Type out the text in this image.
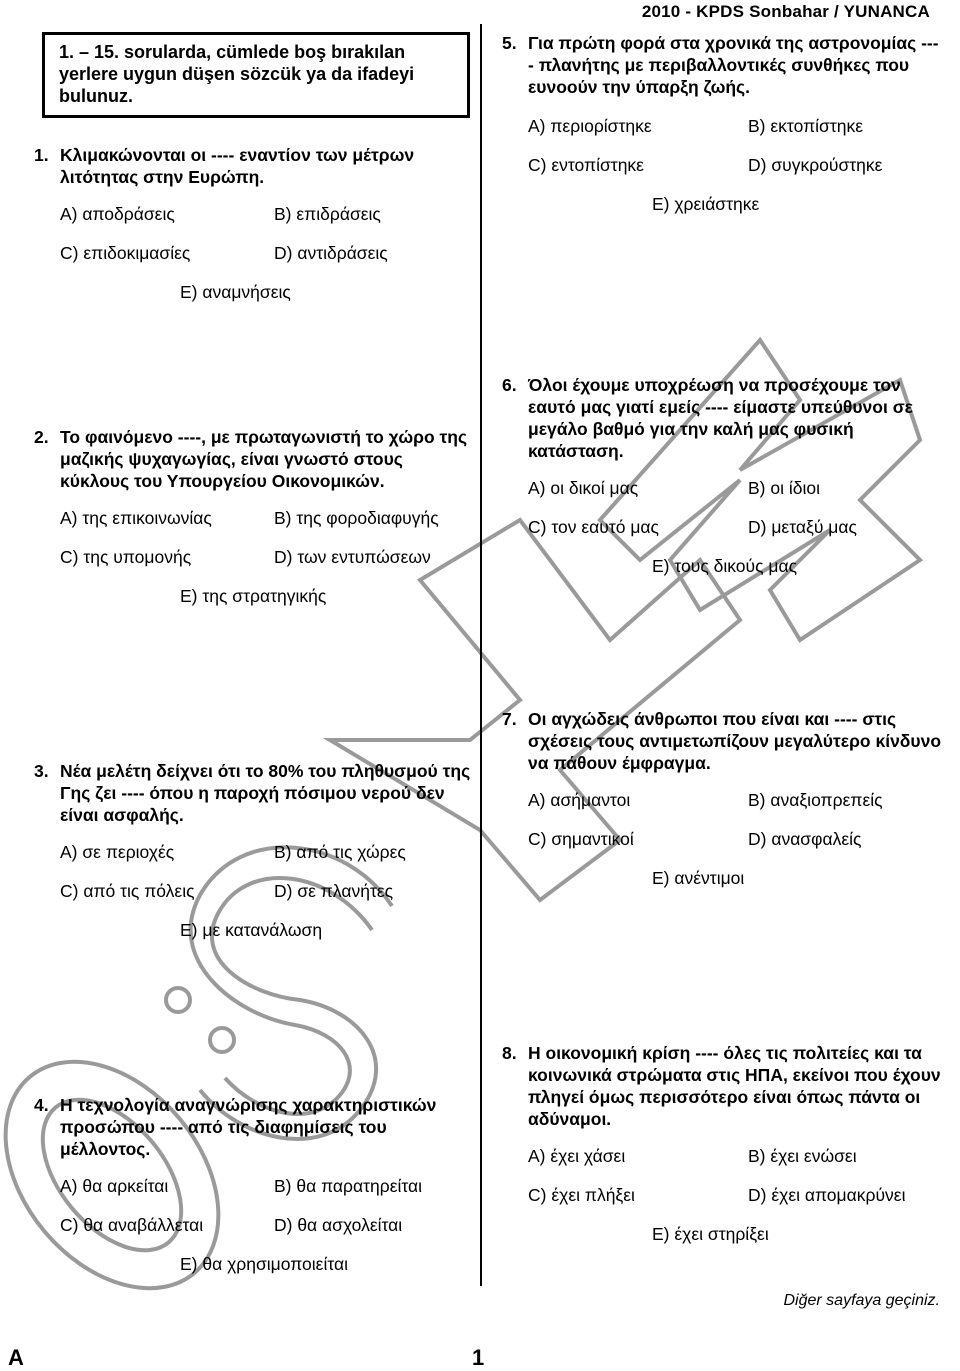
2010 - KPDS Sonbahar / YUNANCA
1. – 15. sorularda, cümlede boş bırakılan yerlere uygun düşen sözcük ya da ifadeyi bulunuz.
1. Κλιμακώνονται οι ---- εναντίον των μέτρων λιτότητας στην Ευρώπη.
A) αποδράσεις	B) επιδράσεις
C) επιδοκιμασίες	D) αντιδράσεις
E) αναμνήσεις
2. Το φαινόμενο ----, με πρωταγωνιστή το χώρο της μαζικής ψυχαγωγίας, είναι γνωστό στους κύκλους του Υπουργείου Οικονομικών.
A) της επικοινωνίας	B) της φοροδιαφυγής
C) της υπομονής	D) των εντυπώσεων
E) της στρατηγικής
3. Νέα μελέτη δείχνει ότι το 80% του πληθυσμού της Γης ζει ---- όπου η παροχή πόσιμου νερού δεν είναι ασφαλής.
A) σε περιοχές	B) από τις χώρες
C) από τις πόλεις	D) σε πλανήτες
E) με κατανάλωση
4. Η τεχνολογία αναγνώρισης χαρακτηριστικών προσώπου ---- από τις διαφημίσεις του μέλλοντος.
A) θα αρκείται	B) θα παρατηρείται
C) θα αναβάλλεται	D) θα ασχολείται
E) θα χρησιμοποιείται
5. Για πρώτη φορά στα χρονικά της αστρονομίας ---- πλανήτης με περιβαλλοντικές συνθήκες που ευνοούν την ύπαρξη ζωής.
A) περιορίστηκε	B) εκτοπίστηκε
C) εντοπίστηκε	D) συγκρούστηκε
E) χρειάστηκε
6. Όλοι έχουμε υποχρέωση να προσέχουμε τον εαυτό μας γιατί εμείς ---- είμαστε υπεύθυνοι σε μεγάλο βαθμό για την καλή μας φυσική κατάσταση.
A) οι δικοί μας	B) οι ίδιοι
C) τον εαυτό μας	D) μεταξύ μας
E) τους δικούς μας
7. Οι αγχώδεις άνθρωποι που είναι και ---- στις σχέσεις τους αντιμετωπίζουν μεγαλύτερο κίνδυνο να πάθουν έμφραγμα.
A) ασήμαντοι	B) αναξιοπρεπείς
C) σημαντικοί	D) ανασφαλείς
E) ανέντιμοι
8. Η οικονομική κρίση ---- όλες τις πολιτείες και τα κοινωνικά στρώματα στις ΗΠΑ, εκείνοι που έχουν πληγεί όμως περισσότερο είναι όπως πάντα οι αδύναμοι.
A) έχει χάσει	B) έχει ενώσει
C) έχει πλήξει	D) έχει απομακρύνει
E) έχει στηρίξει
Diğer sayfaya geçiniz.
A	1
